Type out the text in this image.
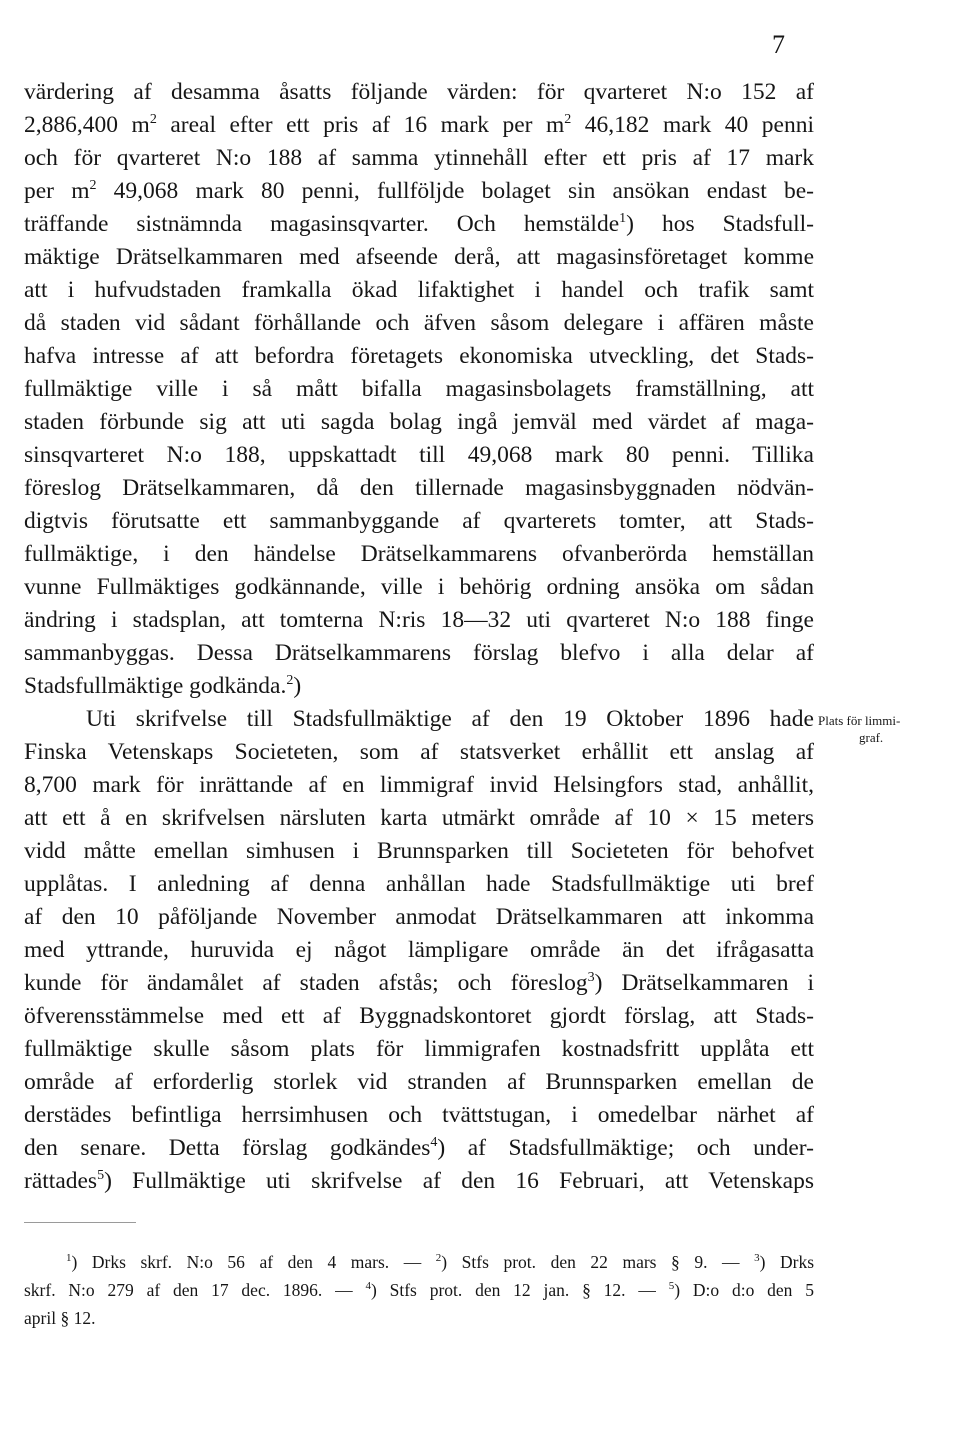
7

värdering af desamma åsatts följande värden: för qvarteret N:o 152 af
2,886,400 $m^2$ areal efter ett pris af 16 mark per $m^2$ 46,182 mark 40 penni
och för qvarteret N:o 188 af samma ytinnehåll efter ett pris af 17 mark
per $m^2$ 49,068 mark 80 penni, fullföljde bolaget sin ansökan endast be-
träffande sistnämnda magasinsqvarter. Och hemstälde$^1$) hos Stadsfull-
mäktige Drätselkammaren med afseende derå, att magasinsföretaget komme
att i hufvudstaden framkalla ökad lifaktighet i handel och trafik samt
då staden vid sådant förhållande och äfven såsom delegare i affären måste
hafva intresse af att befordra företagets ekonomiska utveckling, det Stads-
fullmäktige ville i så mått bifalla magasinsbolagets framställning, att
staden förbunde sig att uti sagda bolag ingå jemväl med värdet af maga-
sinsqvarteret N:o 188, uppskattadt till 49,068 mark 80 penni. Tillika
föreslog Drätselkammaren, då den tillernade magasinsbyggnaden nödvän-
digtvis förutsatte ett sammanbyggande af qvarterets tomter, att Stads-
fullmäktige, i den händelse Drätselkammarens ofvanberörda hemställan
vunne Fullmäktiges godkännande, ville i behörig ordning ansöka om sådan
ändring i stadsplan, att tomterna N:ris 18—32 uti qvarteret N:o 188 finge
sammanbyggas. Dessa Drätselkammarens förslag blefvo i alla delar af
Stadsfullmäktige godkända.$^2$)
Uti skrifvelse till Stadsfullmäktige af den 19 Oktober 1896 hade
Finska Vetenskaps Societeten, som af statsverket erhållit ett anslag af
8,700 mark för inrättande af en limmigraf invid Helsingfors stad, anhållit,
att ett å en skrifvelsen närsluten karta utmärkt område af 10 × 15 meters
vidd måtte emellan simhusen i Brunnsparken till Societeten för behofvet
upplåtas. I anledning af denna anhållan hade Stadsfullmäktige uti bref
af den 10 påföljande November anmodat Drätselkammaren att inkomma
med yttrande, huruvida ej något lämpligare område än det ifrågasatta
kunde för ändamålet af staden afstås; och föreslog$^3$) Drätselkammaren i
öfverensstämmelse med ett af Byggnadskontoret gjordt förslag, att Stads-
fullmäktige skulle såsom plats för limmigrafen kostnadsfritt upplåta ett
område af erforderlig storlek vid stranden af Brunnsparken emellan de
derstädes befintliga herrsimhusen och tvättstugan, i omedelbar närhet af
den senare. Detta förslag godkändes$^4$) af Stadsfullmäktige; och under-
rättades$^5$) Fullmäktige uti skrifvelse af den 16 Februari, att Vetenskaps
Plats för limmi-
graf.
$^1$) Drks skrf. N:o 56 af den 4 mars. — $^2$) Stfs prot. den 22 mars § 9. — $^3$) Drks
skrf. N:o 279 af den 17 dec. 1896. — $^4$) Stfs prot. den 12 jan. § 12. — $^5$) D:o d:o den 5
april § 12.
